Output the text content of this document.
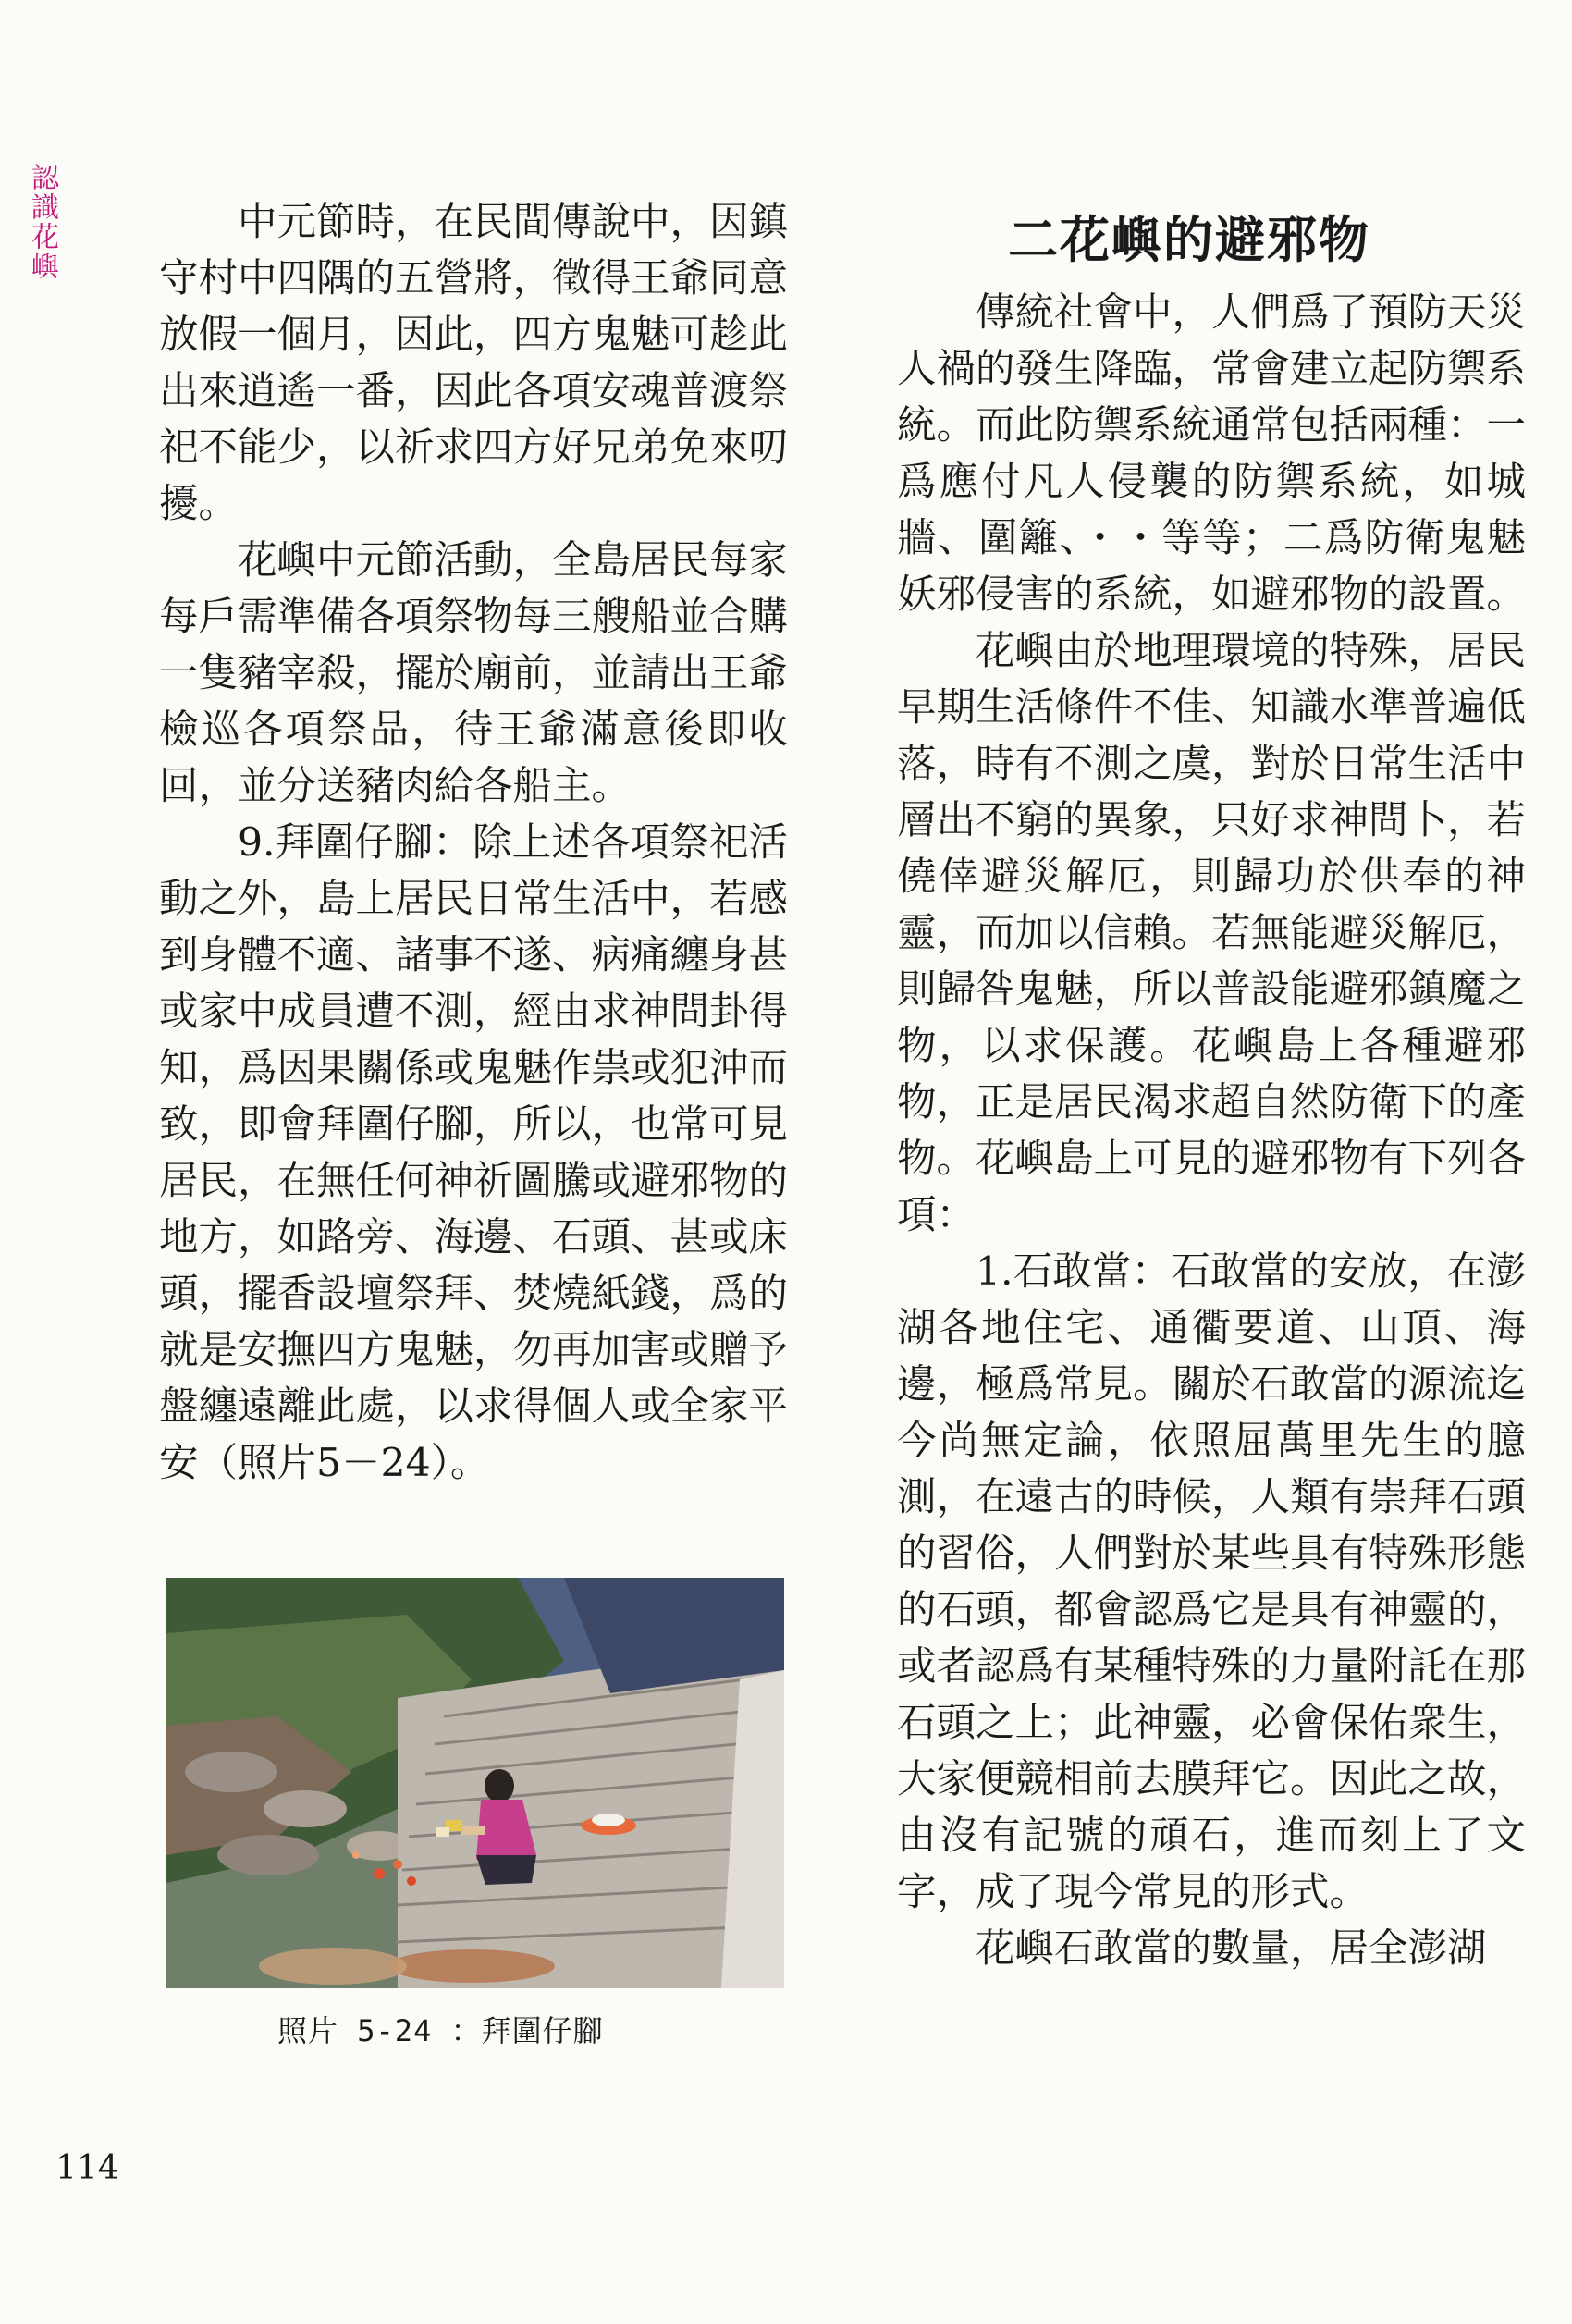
認識花嶼	中元節時，在民間傳說中，因鎮守村中四隅的五營將，徵得王爺同意放假一個月，因此，四方鬼魅可趁此出來逍遙一番，因此各項安魂普渡祭祀不能少，以祈求四方好兄弟免來叨擾。

花嶼中元節活動，全島居民每家每戶需準備各項祭物每三艘船並合購一隻豬宰殺，擺於廟前，並請出王爺檢巡各項祭品，待王爺滿意後即收回，並分送豬肉給各船主。

9.拜圍仔腳：除上述各項祭祀活動之外，島上居民日常生活中，若感到身體不適、諸事不遂、病痛纏身甚或家中成員遭不測，經由求神問卦得知，爲因果關係或鬼魅作祟或犯沖而致，即會拜圍仔腳，所以，也常可見居民，在無任何神祈圖騰或避邪物的地方，如路旁、海邊、石頭、甚或床頭，擺香設壇祭拜、焚燒紙錢，爲的就是安撫四方鬼魅，勿再加害或贈予盤纏遠離此處，以求得個人或全家平安（照片5－24）。

照片 5-24 ：拜圍仔腳
二花嶼的避邪物

傳統社會中，人們爲了預防天災人禍的發生降臨，常會建立起防禦系統。而此防禦系統通常包括兩種：一爲應付凡人侵襲的防禦系統，如城牆、圍籬、・・等等；二爲防衛鬼魅妖邪侵害的系統，如避邪物的設置。

花嶼由於地理環境的特殊，居民早期生活條件不佳、知識水準普遍低落，時有不測之虞，對於日常生活中層出不窮的異象，只好求神問卜，若僥倖避災解厄，則歸功於供奉的神靈，而加以信賴。若無能避災解厄，則歸咎鬼魅，所以普設能避邪鎮魔之物，以求保護。花嶼島上各種避邪物，正是居民渴求超自然防衛下的產物。花嶼島上可見的避邪物有下列各項：

1.石敢當：石敢當的安放，在澎湖各地住宅、通衢要道、山頂、海邊，極爲常見。關於石敢當的源流迄今尚無定論，依照屈萬里先生的臆測，在遠古的時候，人類有崇拜石頭的習俗，人們對於某些具有特殊形態的石頭，都會認爲它是具有神靈的，或者認爲有某種特殊的力量附託在那石頭之上；此神靈，必會保佑衆生，大家便競相前去膜拜它。因此之故，由沒有記號的頑石，進而刻上了文字，成了現今常見的形式。

花嶼石敢當的數量，居全澎湖

114
